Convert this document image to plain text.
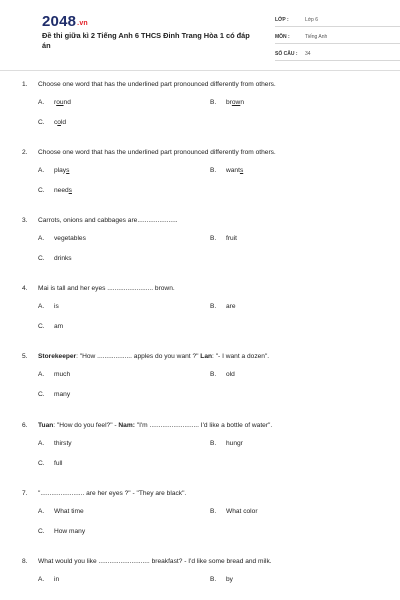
2048.vn
Đề thi giữa kì 2 Tiếng Anh 6 THCS Đinh Trang Hòa 1 có đáp án
LỚP :	Lớp 6
MÔN :	Tiếng Anh
SỐ CÂU :	34
1.	Choose one word that has the underlined part pronounced differently from others.
A.	round	B.	brown
C.	cold
2.	Choose one word that has the underlined part pronounced differently from others.
A.	plays	B.	wants
C.	needs
3.	Carrots, onions and cabbages are......................
A.	vegetables	B.	fruit
C.	drinks
4.	Mai is tall and her eyes ......................... brown.
A.	is	B.	are
C.	am
5.	Storekeeper: "How ................... apples do you want ?" Lan: "- I want a dozen".
A.	much	B.	old
C.	many
6.	Tuan: "How do you feel?" - Nam: "I'm ........................... I'd like a bottle of water".
A.	thirsty	B.	hungr
C.	full
7.	"........................ are her eyes ?" - "They are black".
A.	What time	B.	What color
C.	How many
8.	What would you like ............................ breakfast? - I'd like some bread and milk.
A.	in	B.	by
